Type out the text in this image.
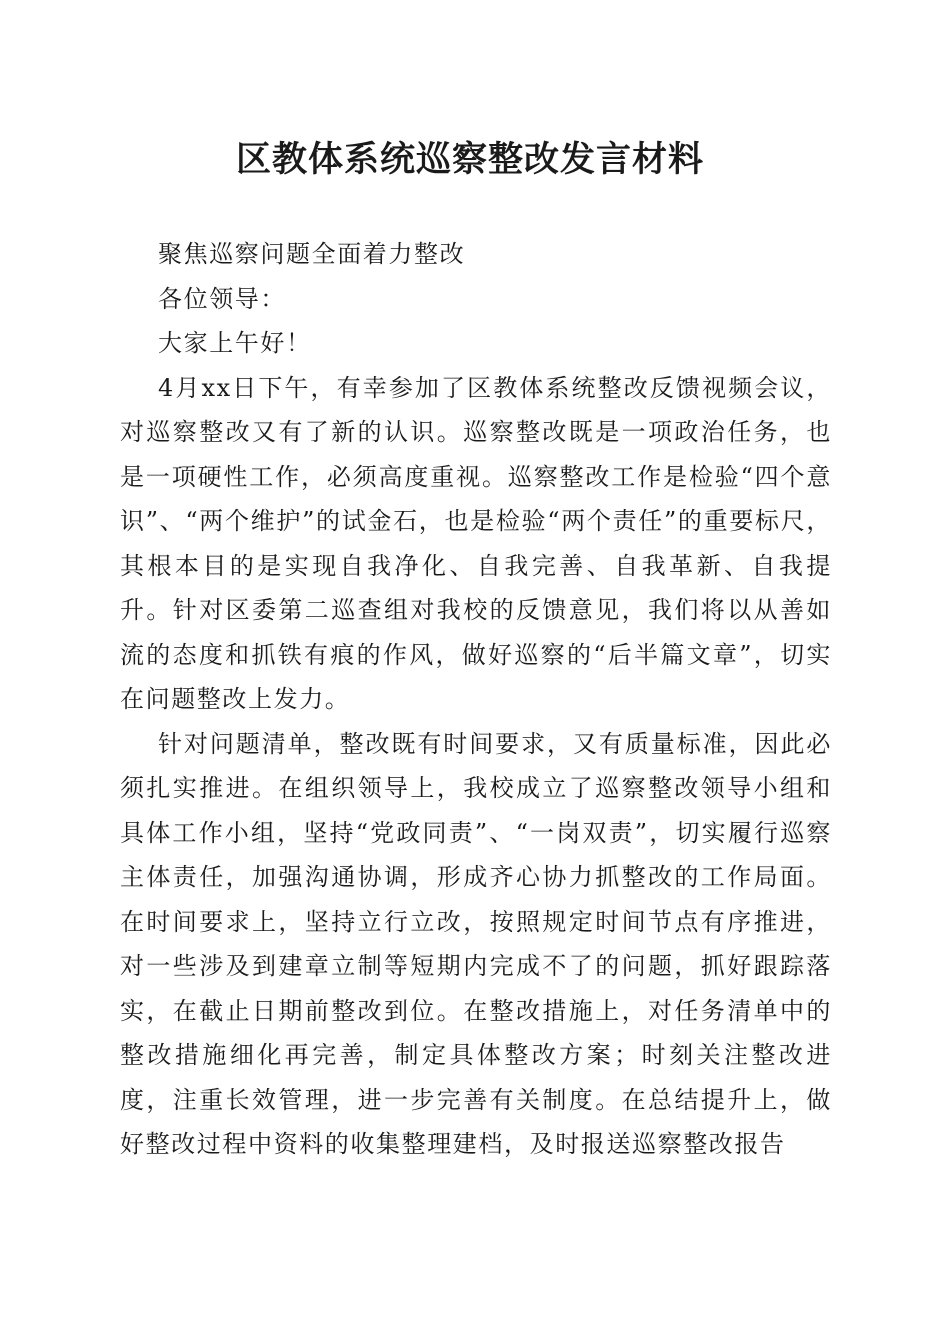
区教体系统巡察整改发言材料

聚焦巡察问题全面着力整改

各位领导：

大家上午好！

4月xx日下午，有幸参加了区教体系统整改反馈视频会议，对巡察整改又有了新的认识。巡察整改既是一项政治任务，也是一项硬性工作，必须高度重视。巡察整改工作是检验“四个意识”、“两个维护”的试金石，也是检验“两个责任”的重要标尺，其根本目的是实现自我净化、自我完善、自我革新、自我提升。针对区委第二巡查组对我校的反馈意见，我们将以从善如流的态度和抓铁有痕的作风，做好巡察的“后半篇文章”，切实在问题整改上发力。

针对问题清单，整改既有时间要求，又有质量标准，因此必须扎实推进。在组织领导上，我校成立了巡察整改领导小组和具体工作小组，坚持“党政同责”、“一岗双责”，切实履行巡察主体责任，加强沟通协调，形成齐心协力抓整改的工作局面。在时间要求上，坚持立行立改，按照规定时间节点有序推进，对一些涉及到建章立制等短期内完成不了的问题，抓好跟踪落实，在截止日期前整改到位。在整改措施上，对任务清单中的整改措施细化再完善，制定具体整改方案；时刻关注整改进度，注重长效管理，进一步完善有关制度。在总结提升上，做好整改过程中资料的收集整理建档，及时报送巡察整改报告
